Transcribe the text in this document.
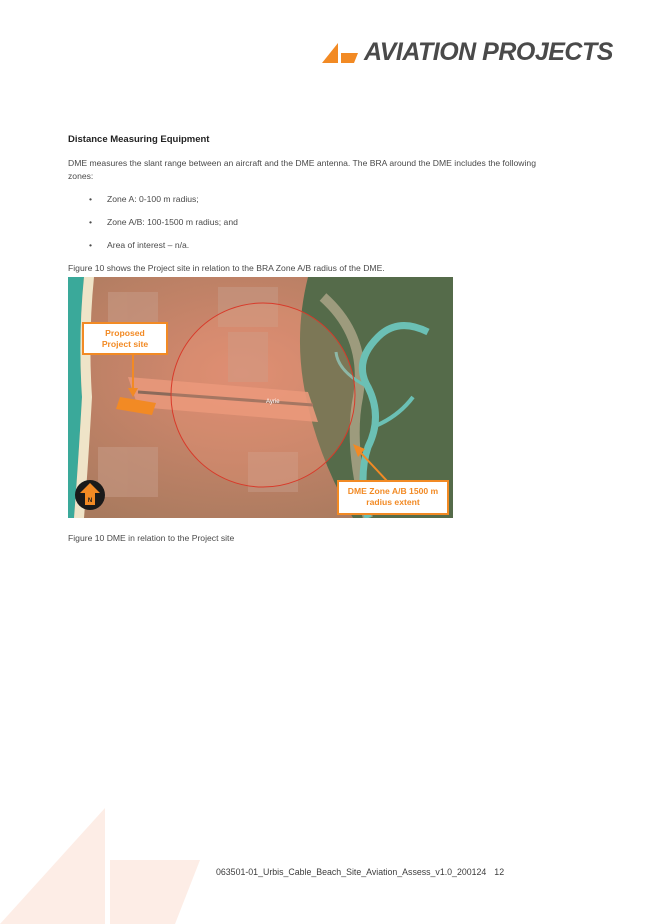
AVIATION PROJECTS
Distance Measuring Equipment

DME measures the slant range between an aircraft and the DME antenna. The BRA around the DME includes the following zones:

• Zone A: 0-100 m radius;
• Zone A/B: 100-1500 m radius; and
• Area of interest – n/a.

Figure 10 shows the Project site in relation to the BRA Zone A/B radius of the DME.

Ayrie
N
Proposed Project site
DME Zone A/B 1500 m radius extent
Figure 10 DME in relation to the Project site
063501-01_Urbis_Cable_Beach_Site_Aviation_Assess_v1.0_200124 12
